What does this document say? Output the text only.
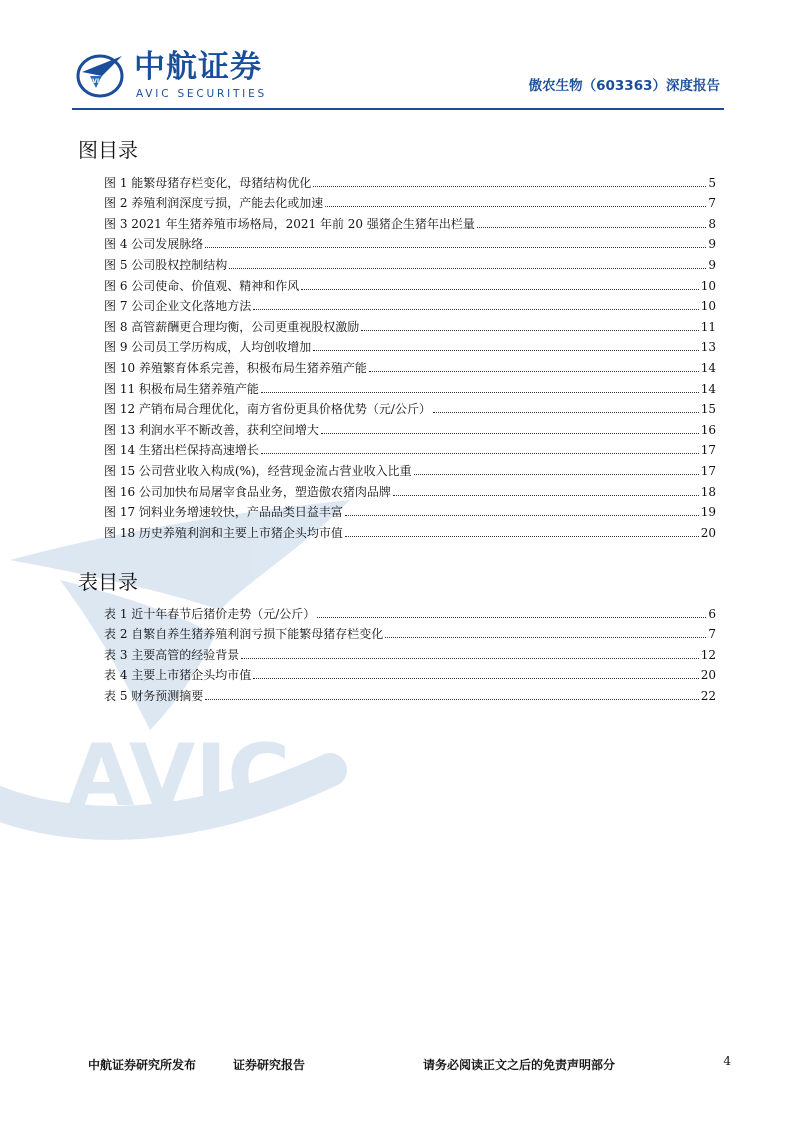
AVIC
AVIC 中航证券
AVIC SECURITIES	傲农生物（603363）深度报告
图目录
图 1 能繁母猪存栏变化，母猪结构优化	5
图 2 养殖利润深度亏损，产能去化或加速	7
图 3 2021 年生猪养殖市场格局，2021 年前 20 强猪企生猪年出栏量	8
图 4 公司发展脉络	9
图 5 公司股权控制结构	9
图 6 公司使命、价值观、精神和作风	10
图 7 公司企业文化落地方法	10
图 8 高管薪酬更合理均衡，公司更重视股权激励	11
图 9 公司员工学历构成，人均创收增加	13
图 10 养殖繁育体系完善，积极布局生猪养殖产能	14
图 11 积极布局生猪养殖产能	14
图 12 产销布局合理优化，南方省份更具价格优势（元/公斤）	15
图 13 利润水平不断改善，获利空间增大	16
图 14 生猪出栏保持高速增长	17
图 15 公司营业收入构成(%)，经营现金流占营业收入比重	17
图 16 公司加快布局屠宰食品业务，塑造傲农猪肉品牌	18
图 17 饲料业务增速较快，产品品类日益丰富	19
图 18 历史养殖利润和主要上市猪企头均市值	20
表目录
表 1 近十年春节后猪价走势（元/公斤）	6
表 2 自繁自养生猪养殖利润亏损下能繁母猪存栏变化	7
表 3 主要高管的经验背景	12
表 4 主要上市猪企头均市值	20
表 5 财务预测摘要	22
中航证券研究所发布	证券研究报告	请务必阅读正文之后的免责声明部分	4
